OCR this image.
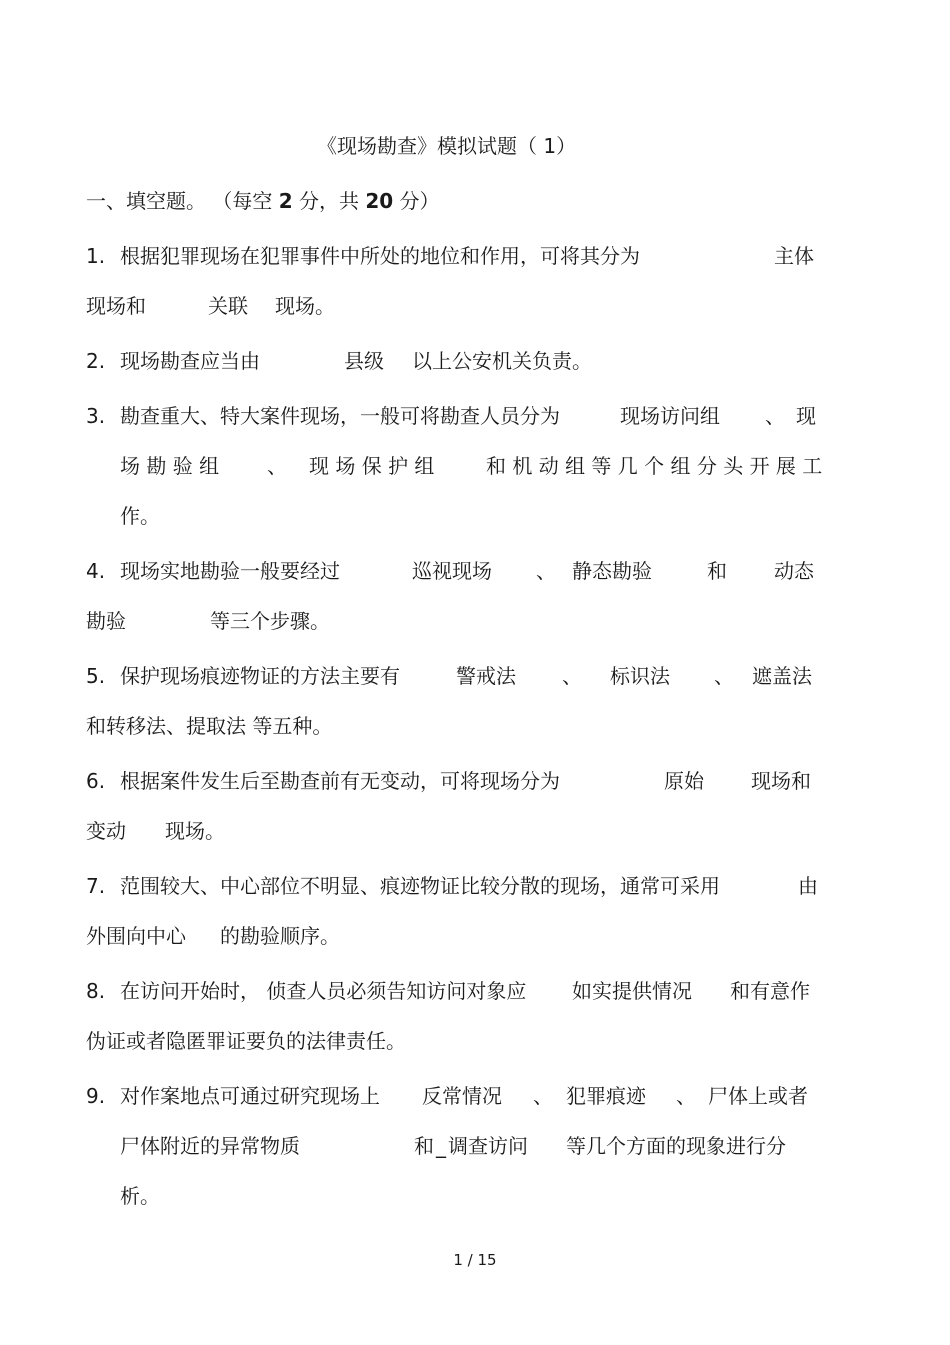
《现场勘查》模拟试题（ 1）
一、填空题。 （每空 2 分，共 20 分）
1. 根据犯罪现场在犯罪事件中所处的地位和作用，可将其分为	主体
现场和	关联 现场。
2. 现场勘查应当由	县级 以上公安机关负责。
3. 勘查重大、特大案件现场，一般可将勘查人员分为	现场访问组 、 现
场 勘 验 组 、 现 场 保 护 组	和 机 动 组 等 几 个 组 分 头 开 展 工
作。
4. 现场实地勘验一般要经过	巡视现场 、 静态勘验	和 动态
勘验	等三个步骤。
5. 保护现场痕迹物证的方法主要有	警戒法 、 标识法 、 遮盖法
和转移法、提取法 等五种。
6. 根据案件发生后至勘查前有无变动，可将现场分为	原始 现场和
变动 现场。
7. 范围较大、中心部位不明显、痕迹物证比较分散的现场，通常可采用	由
外围向中心 的勘验顺序。
8. 在访问开始时， 侦查人员必须告知访问对象应 如实提供情况 和有意作
伪证或者隐匿罪证要负的法律责任。
9. 对作案地点可通过研究现场上 反常情况 、 犯罪痕迹 、 尸体上或者
尸体附近的异常物质	和 _ 调查访问 等几个方面的现象进行分
析。
1 / 15
